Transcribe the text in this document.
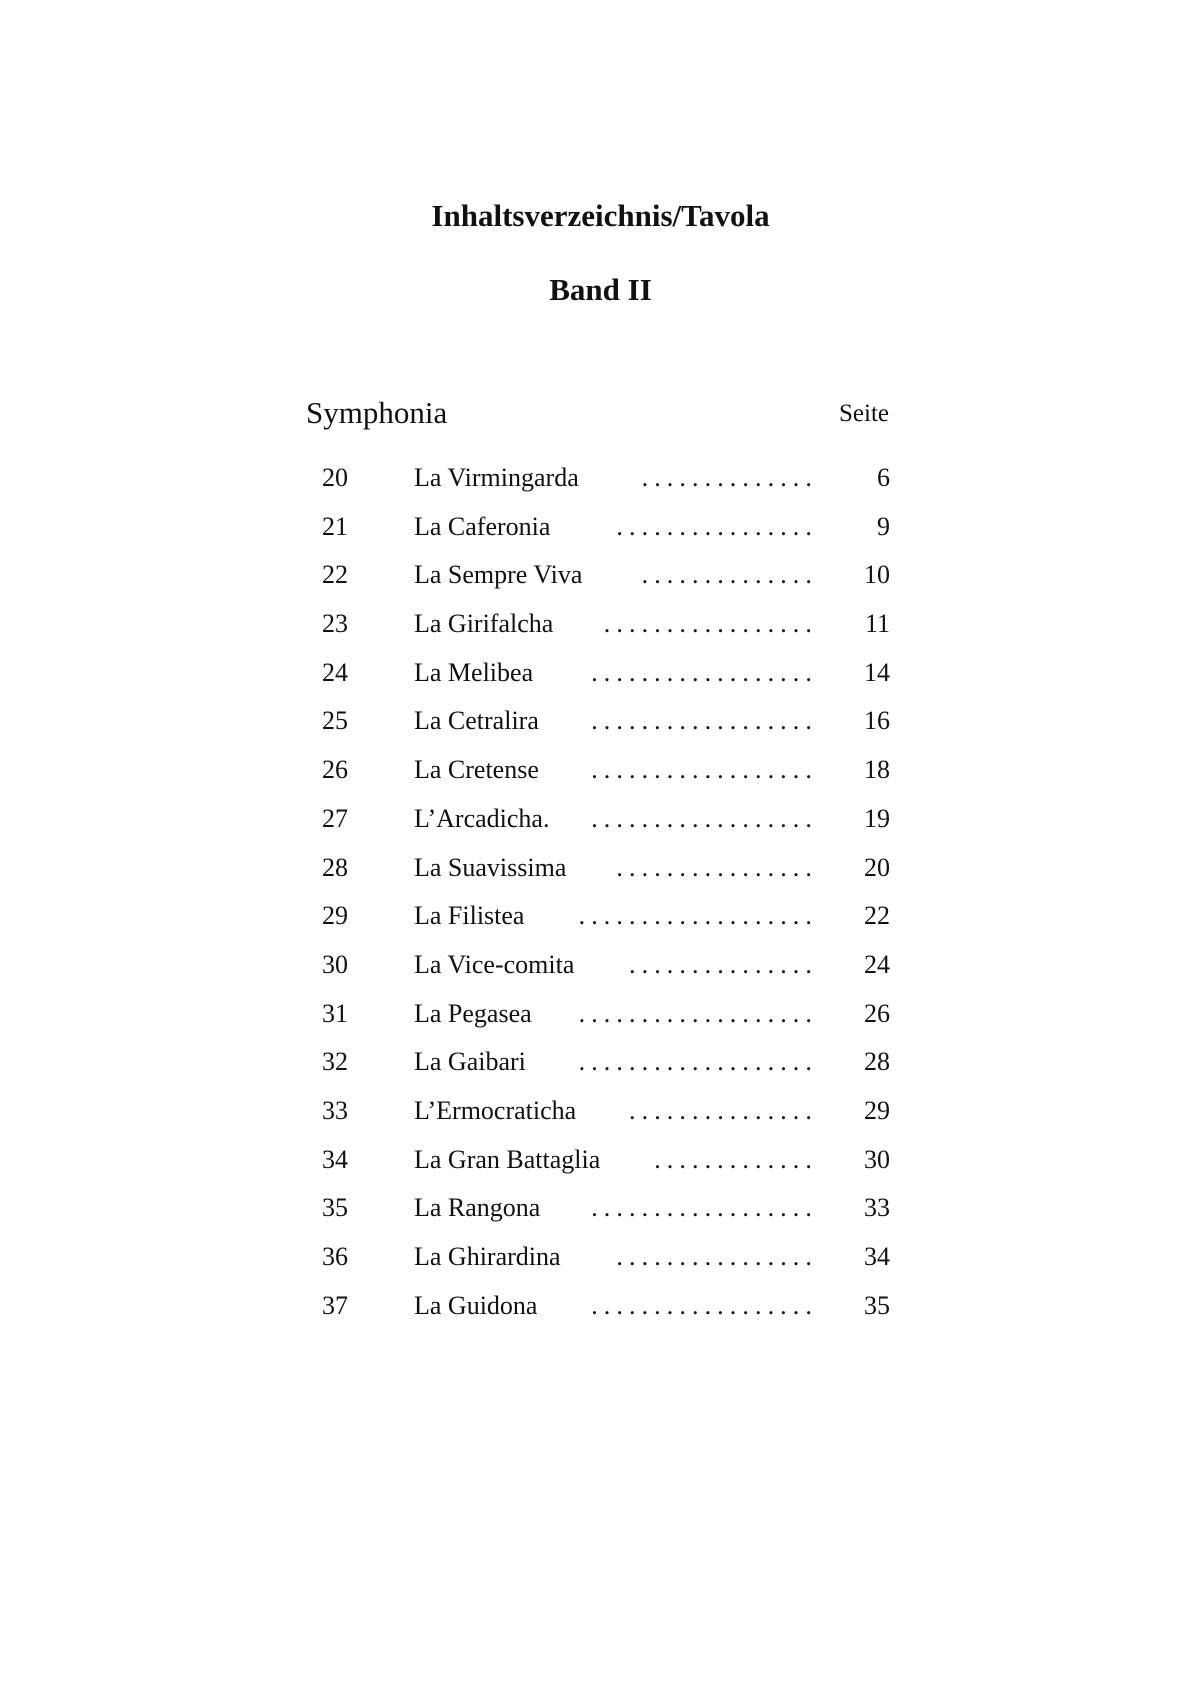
Inhaltsverzeichnis/Tavola
Band II
Symphonia	Seite
20	La Virmingarda .............. 6
21	La Caferonia	................ 9
22	La Sempre Viva .............. 10
23	La Girifalcha ................. 11
24	La Melibea .................. 14
25	La Cetralira .................. 16
26	La Cretense .................. 18
27	L’Arcadicha. .................. 19
28	La Suavissima ................ 20
29	La Filistea ................... 22
30	La Vice-comita ............... 24
31	La Pegasea ................... 26
32	La Gaibari ................... 28
33	L’Ermocraticha ............... 29
34	La Gran Battaglia ............. 30
35	La Rangona .................. 33
36	La Ghirardina ................ 34
37	La Guidona .................. 35
